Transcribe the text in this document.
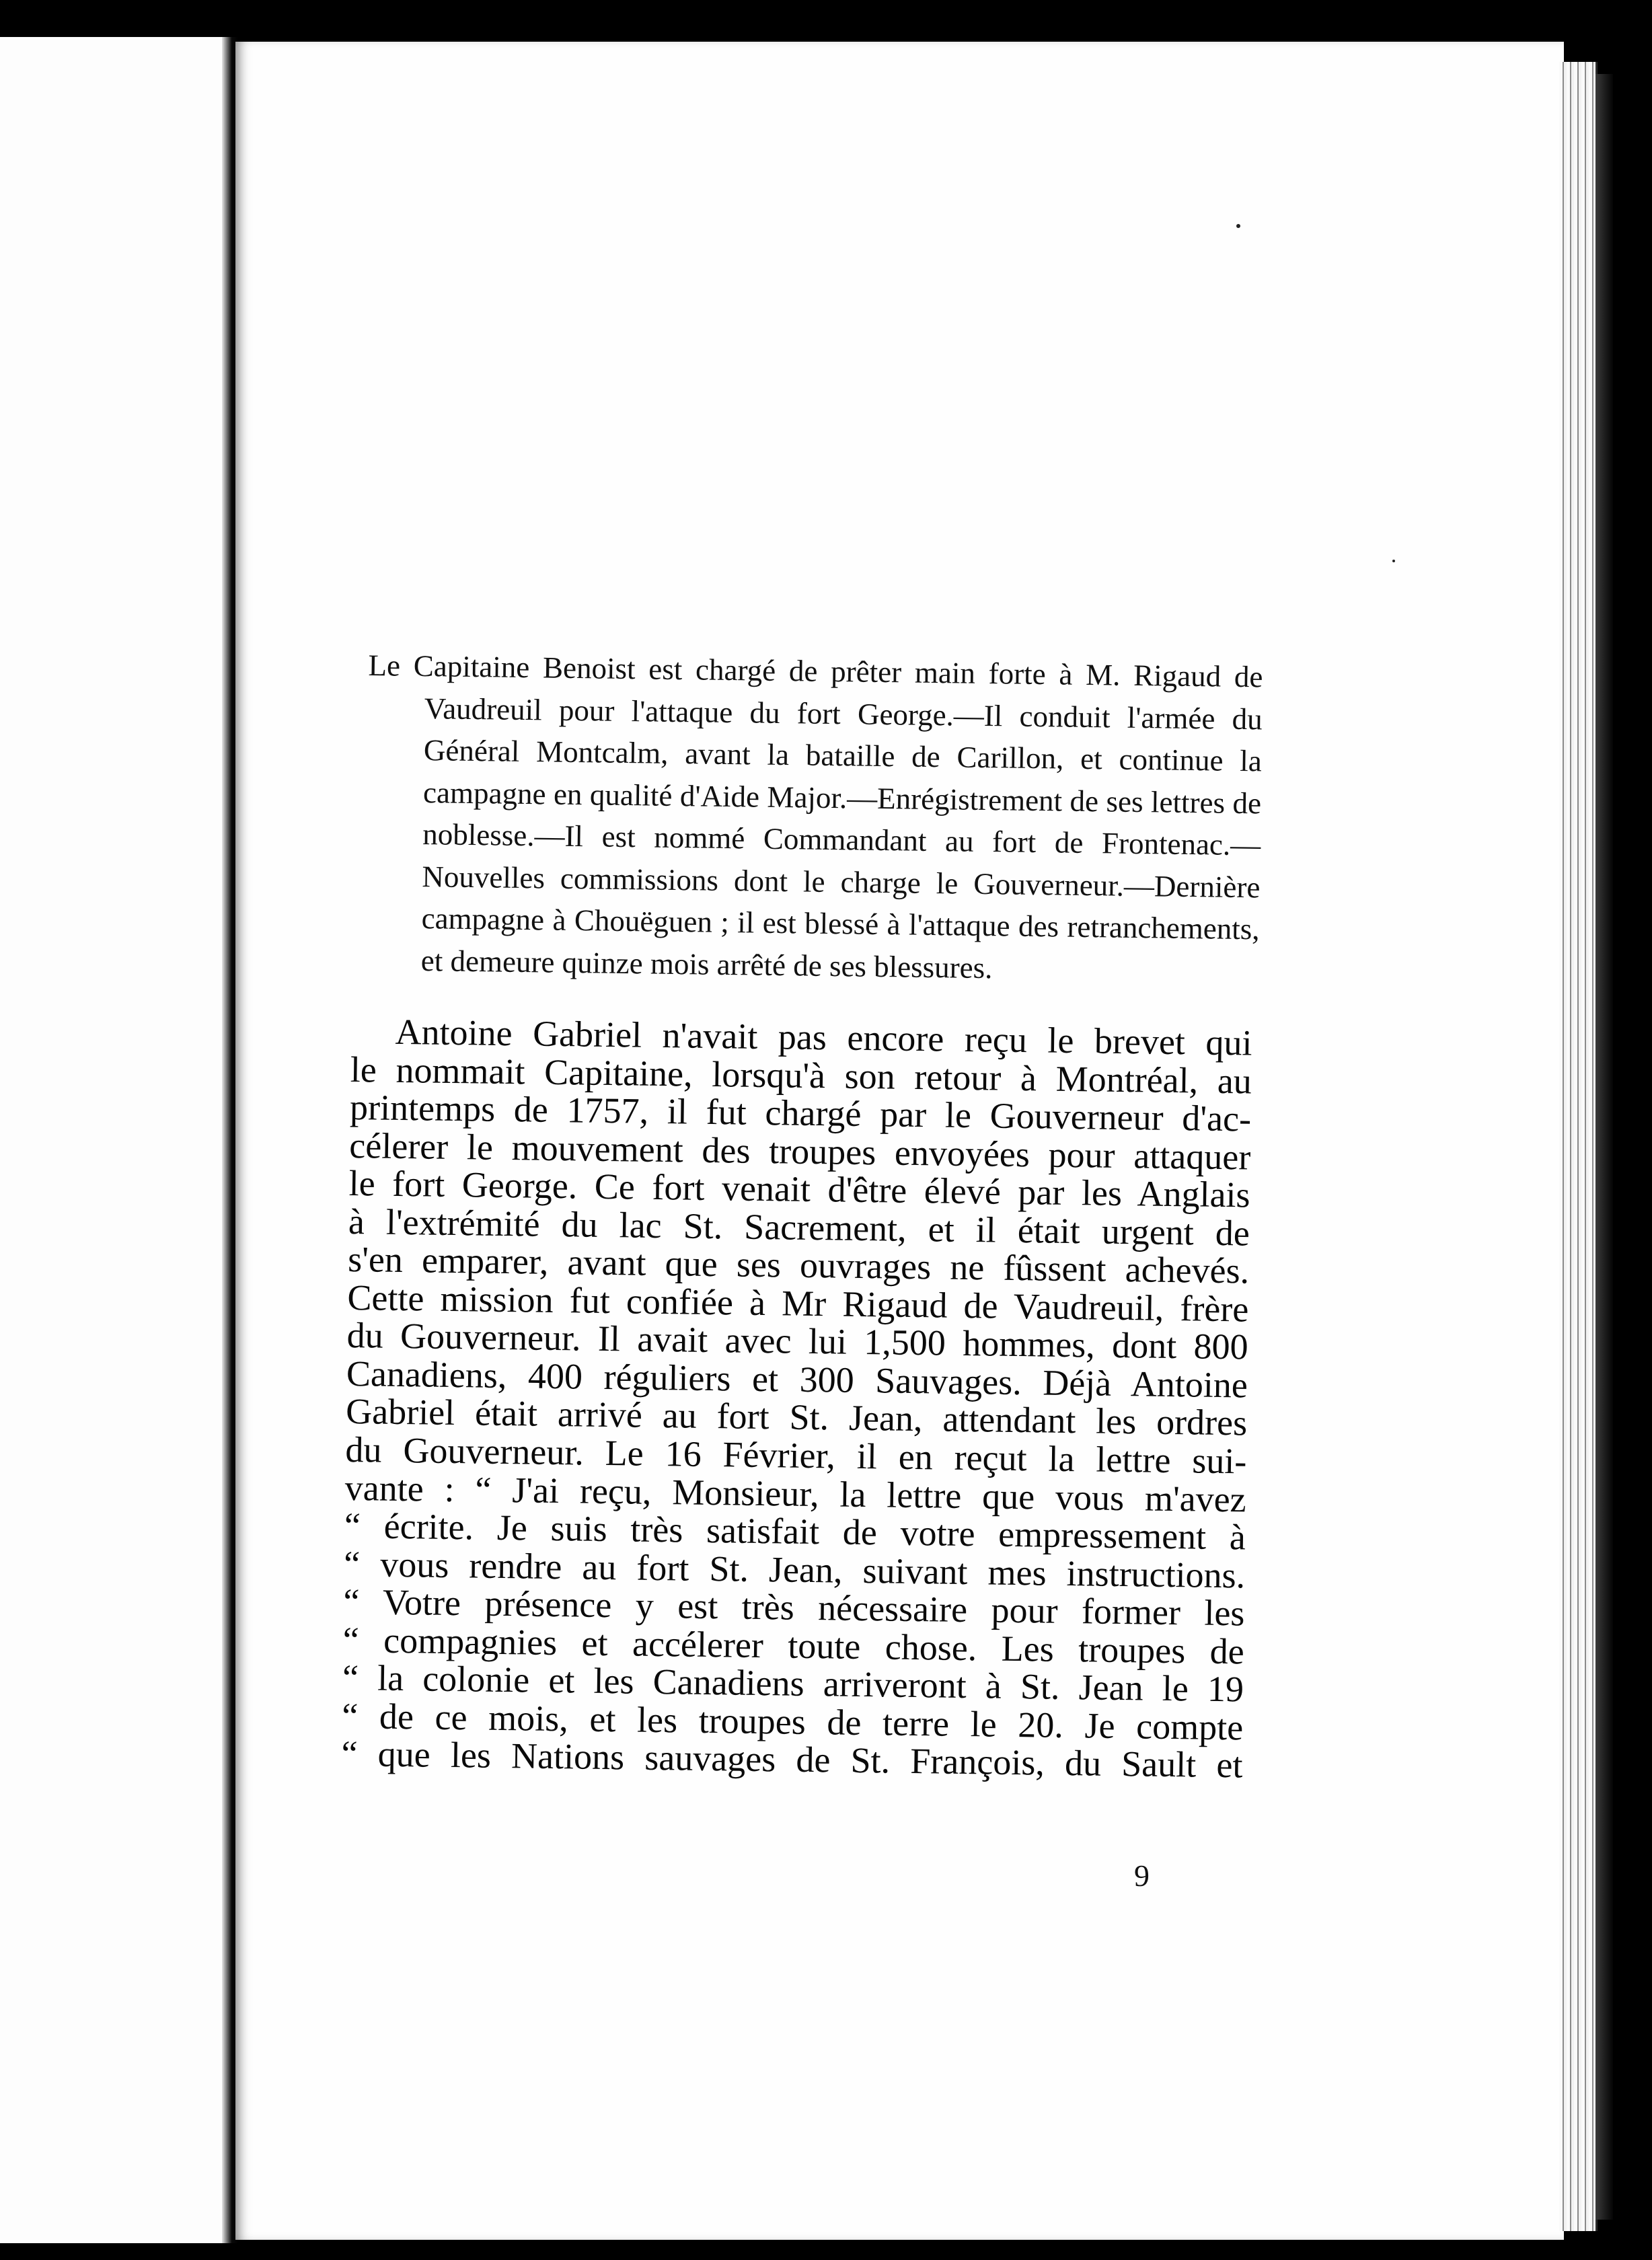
Le Capitaine Benoist est chargé de prêter main forte à M. Rigaud de Vaudreuil pour l'attaque du fort George.—Il conduit l'armée du Général Montcalm, avant la bataille de Carillon, et continue la campagne en qualité d'Aide Major.—Enrégistrement de ses lettres de noblesse.—Il est nommé Commandant au fort de Frontenac.—Nouvelles commissions dont le charge le Gouverneur.—Dernière campagne à Chouëguen ; il est blessé à l'attaque des retranchements, et demeure quinze mois arrêté de ses blessures.
Antoine Gabriel n'avait pas encore reçu le brevet qui
le nommait Capitaine, lorsqu'à son retour à Montréal, au
printemps de 1757, il fut chargé par le Gouverneur d'ac-
célerer le mouvement des troupes envoyées pour attaquer
le fort George. Ce fort venait d'être élevé par les Anglais
à l'extrémité du lac St. Sacrement, et il était urgent de
s'en emparer, avant que ses ouvrages ne fûssent achevés.
Cette mission fut confiée à Mr Rigaud de Vaudreuil, frère
du Gouverneur. Il avait avec lui 1,500 hommes, dont 800
Canadiens, 400 réguliers et 300 Sauvages. Déjà Antoine
Gabriel était arrivé au fort St. Jean, attendant les ordres
du Gouverneur. Le 16 Février, il en reçut la lettre sui-
vante : “ J'ai reçu, Monsieur, la lettre que vous m'avez
“ écrite. Je suis très satisfait de votre empressement à
“ vous rendre au fort St. Jean, suivant mes instructions.
“ Votre présence y est très nécessaire pour former les
“ compagnies et accélerer toute chose. Les troupes de
“ la colonie et les Canadiens arriveront à St. Jean le 19
“ de ce mois, et les troupes de terre le 20. Je compte
“ que les Nations sauvages de St. François, du Sault et
9
